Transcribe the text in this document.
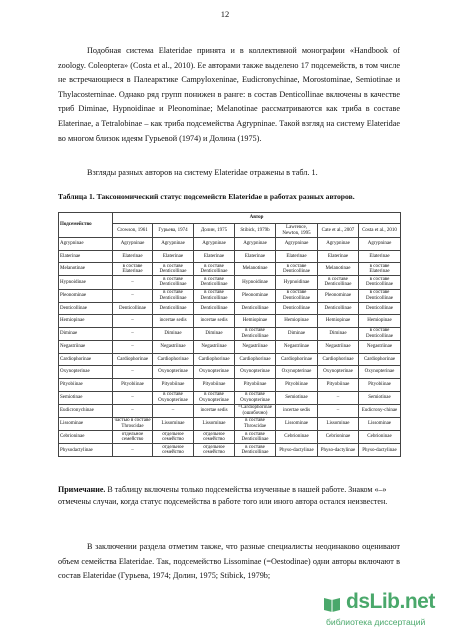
12

Подобная система Elateridae принята и в коллективной монографии «Handbook of zoology. Coleoptera» (Costa et al., 2010). Ее авторами также выделено 17 подсемейств, в том числе не встречающиеся в Палеарктике Campyloxeninae, Eudicronychinae, Morostominae, Semiotinae и Thylacosterninae. Однако ряд групп понижен в ранге: в состав Denticollinae включены в качестве триб Diminae, Hypnoidinae и Pleonominae; Melanotinae рассматриваются как триба в составе Elaterinae, а Tetralobinae – как триба подсемейства Agrypninae. Такой взгляд на систему Elateridae во многом близок идеям Гурьевой (1974) и Долина (1975).

Взгляды разных авторов на систему Elateridae отражены в табл. 1.

Таблица 1. Таксономический статус подсемейств Elateridae в работах разных авторов.

Подсемейство	Автор						
	Crowson, 1961	Гурьева, 1974	Долин, 1975	Stibick, 1979b	Lawrence, Newton, 1995	Cate et al., 2007	Costa et al., 2010
Agrypninae	Agrypninae	Agrypninae	Agrypninae	Agrypninae	Agrypninae	Agrypninae	Agrypninae
Elaterinae	Elaterinae	Elaterinae	Elaterinae	Elaterinae	Elaterinae	Elaterinae	Elaterinae
Melanotinae	в составе Elaterinae	в составе Denticollinae	в составе Denticollinae	Melanotinae	в составе Denticollinae	Melanotinae	в составе Elaterinae
Hypnoidinae	–	в составе Denticollinae	в составе Denticollinae	Hypnoidinae	Hypnoidinae	в составе Denticollinae	в составе Denticollinae
Pleonominae	–	в составе Denticollinae	в составе Denticollinae	Pleonominae	в составе Denticollinae	Pleonominae	в составе Denticollinae
Denticollinae	Denticollinae	Denticollinae	Denticollinae	Denticollinae	Denticollinae	Denticollinae	Denticollinae
Hemiopinae	–	incertae sedis	incertae sedis	Hemiopinae	Hemiopinae	Hemiopinae	Hemiopinae
Diminae	–	Diminae	Diminae	в составе Denticollinae	Diminae	Diminae	в составе Denticollinae
Negastriinae	–	Negastriinae	Negastriinae	Negastriinae	Negastriinae	Negastriinae	Negastriinae
Cardiophorinae	Cardiophorinae	Cardiophorinae	Cardiophorinae	Cardiophorinae	Cardiophorinae	Cardiophorinae	Cardiophorinae
Oxynopterinae	–	Oxynopterinae	Oxynopterinae	Oxynopterinae	Oxynopterinae	Oxynopterinae	Oxynopterinae
Pityobiinae	Pityobiinae	Pityobiinae	Pityobiinae	Pityobiinae	Pityobiinae	Pityobiinae	Pityobiinae
Semiotinae	–	в составе Oxynopterinae	в составе Oxynopterinae	в составе Oxynopterinae	Semiotinae	–	Semiotinae
Eudicronychinae	–	–	incertae sedis	=Cardiophorinae (ошибочно)	incertae sedis	–	Eudicrony-chinae
Lissominae	частью в составе Throscidae	Lissominae	Lissominae	в составе Throscidae	Lissominae	Lissominae	Lissominae
Cebrioninae	отдельное семейство	отдельное семейство	отдельное семейство	в составе Denticollinae	Cebrioninae	Cebrioninae	Cebrioninae
Physodactylinae	–	отдельное семейство	отдельное семейство	в составе Denticollinae	Physo-dactylinae	Physo-dactylinae	Physo-dactylinae

Примечание. В таблицу включены только подсемейства изученные в нашей работе. Знаком «–» отмечены случаи, когда статус подсемейства в работе того или иного автора остался неизвестен.

В заключении раздела отметим также, что разные специалисты неодинаково оценивают объем семейства Elateridae. Так, подсемейство Lissominae (=Oestodinae) одни авторы включают в состав Elateridae (Гурьева, 1974; Долин, 1975; Stibick, 1979b;

dsLib.net
библиотека диссертаций
